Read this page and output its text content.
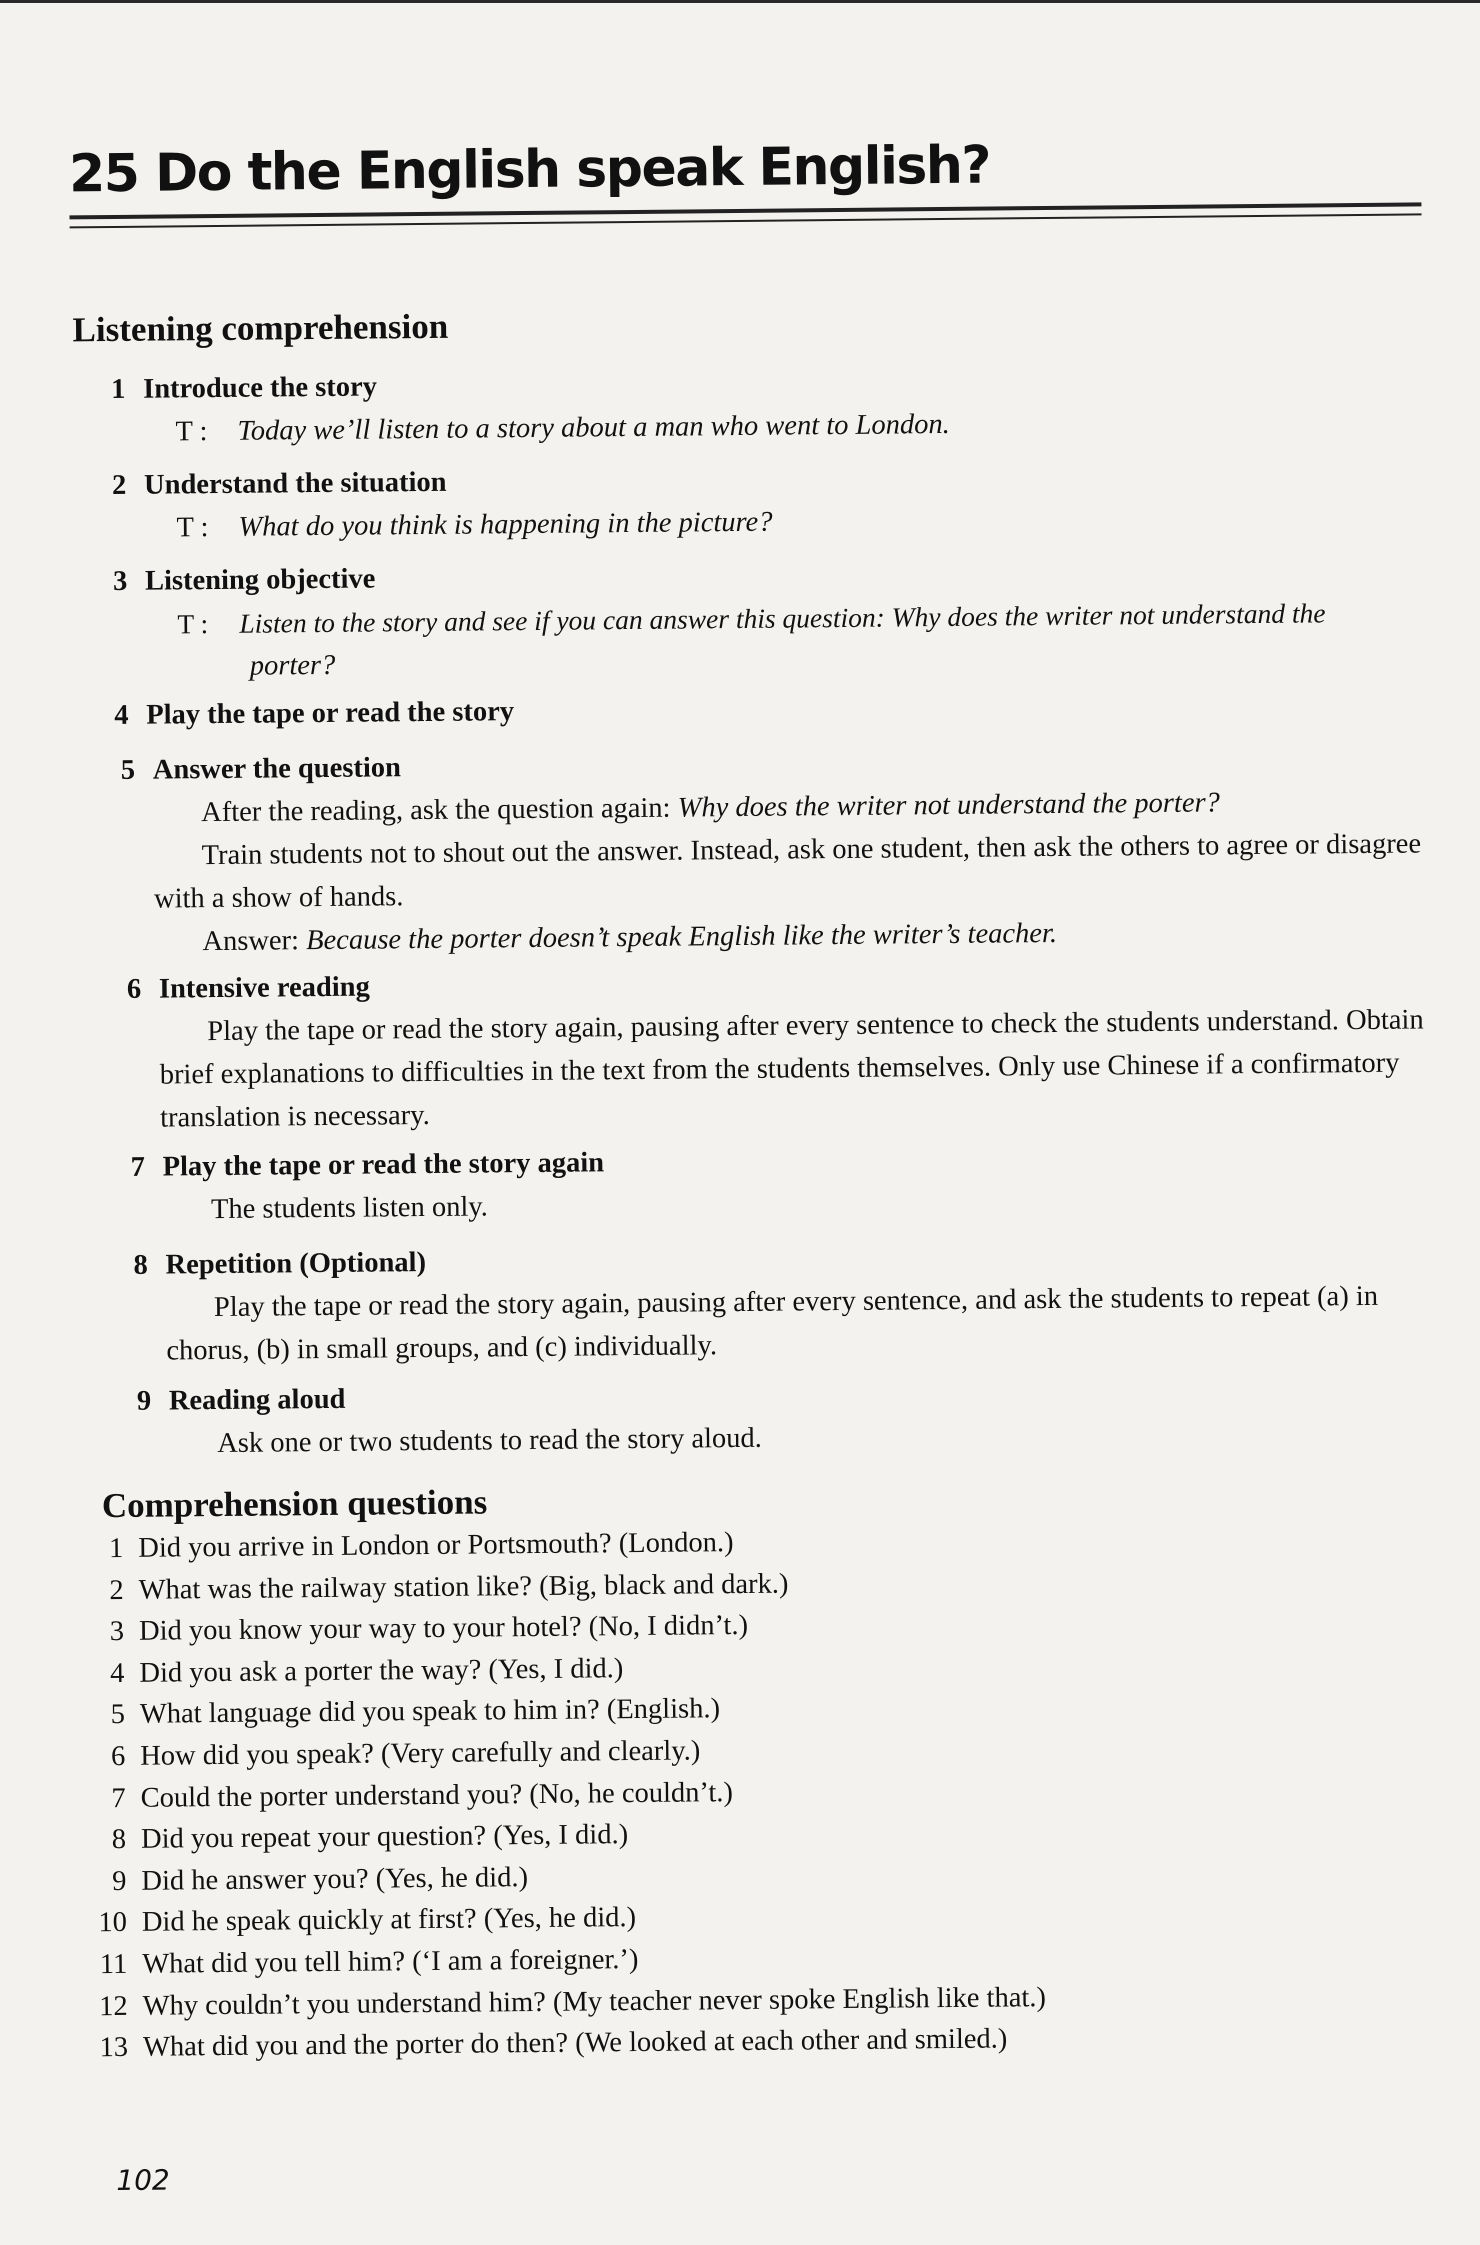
25 Do the English speak English?
Listening comprehension
1 Introduce the story
T : Today we’ll listen to a story about a man who went to London.
2 Understand the situation
T : What do you think is happening in the picture?
3 Listening objective
T : Listen to the story and see if you can answer this question: Why does the writer not understand the
porter?
4 Play the tape or read the story
5 Answer the question
After the reading, ask the question again: Why does the writer not understand the porter?
Train students not to shout out the answer. Instead, ask one student, then ask the others to agree or disagree with a show of hands.
Answer: Because the porter doesn’t speak English like the writer’s teacher.
6 Intensive reading
Play the tape or read the story again, pausing after every sentence to check the students understand. Obtain brief explanations to difficulties in the text from the students themselves. Only use Chinese if a confirmatory translation is necessary.
7 Play the tape or read the story again
The students listen only.
8 Repetition (Optional)
Play the tape or read the story again, pausing after every sentence, and ask the students to repeat (a) in chorus, (b) in small groups, and (c) individually.
9 Reading aloud
Ask one or two students to read the story aloud.
Comprehension questions
1 Did you arrive in London or Portsmouth? (London.)
2 What was the railway station like? (Big, black and dark.)
3 Did you know your way to your hotel? (No, I didn’t.)
4 Did you ask a porter the way? (Yes, I did.)
5 What language did you speak to him in? (English.)
6 How did you speak? (Very carefully and clearly.)
7 Could the porter understand you? (No, he couldn’t.)
8 Did you repeat your question? (Yes, I did.)
9 Did he answer you? (Yes, he did.)
10 Did he speak quickly at first? (Yes, he did.)
11 What did you tell him? (‘I am a foreigner.’)
12 Why couldn’t you understand him? (My teacher never spoke English like that.)
13 What did you and the porter do then? (We looked at each other and smiled.)
102
